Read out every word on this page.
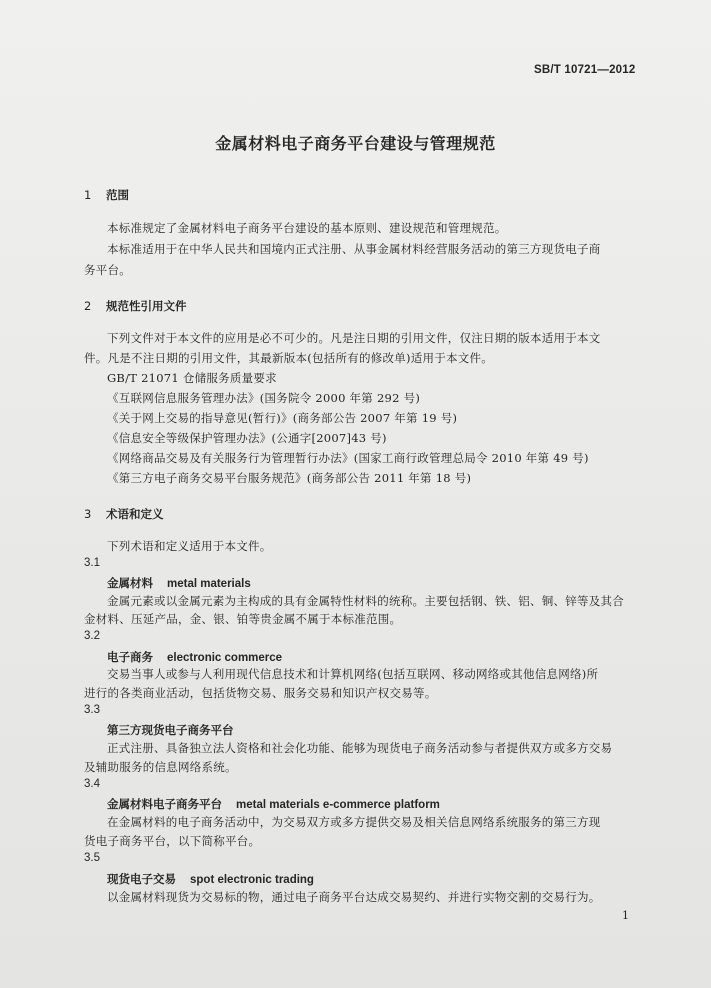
SB/T 10721—2012
金属材料电子商务平台建设与管理规范
1 范围
本标准规定了金属材料电子商务平台建设的基本原则、建设规范和管理规范。
本标准适用于在中华人民共和国境内正式注册、从事金属材料经营服务活动的第三方现货电子商
务平台。
2 规范性引用文件
下列文件对于本文件的应用是必不可少的。凡是注日期的引用文件，仅注日期的版本适用于本文
件。凡是不注日期的引用文件，其最新版本(包括所有的修改单)适用于本文件。
GB/T 21071 仓储服务质量要求
《互联网信息服务管理办法》(国务院令 2000 年第 292 号)
《关于网上交易的指导意见(暂行)》(商务部公告 2007 年第 19 号)
《信息安全等级保护管理办法》(公通字[2007]43 号)
《网络商品交易及有关服务行为管理暂行办法》(国家工商行政管理总局令 2010 年第 49 号)
《第三方电子商务交易平台服务规范》(商务部公告 2011 年第 18 号)
3 术语和定义
下列术语和定义适用于本文件。
3.1
金属材料 metal materials
金属元素或以金属元素为主构成的具有金属特性材料的统称。主要包括钢、铁、铝、铜、锌等及其合
金材料、压延产品，金、银、铂等贵金属不属于本标准范围。
3.2
电子商务 electronic commerce
交易当事人或参与人利用现代信息技术和计算机网络(包括互联网、移动网络或其他信息网络)所
进行的各类商业活动，包括货物交易、服务交易和知识产权交易等。
3.3
第三方现货电子商务平台
正式注册、具备独立法人资格和社会化功能、能够为现货电子商务活动参与者提供双方或多方交易
及辅助服务的信息网络系统。
3.4
金属材料电子商务平台 metal materials e-commerce platform
在金属材料的电子商务活动中，为交易双方或多方提供交易及相关信息网络系统服务的第三方现
货电子商务平台，以下简称平台。
3.5
现货电子交易 spot electronic trading
以金属材料现货为交易标的物，通过电子商务平台达成交易契约、并进行实物交割的交易行为。
1
